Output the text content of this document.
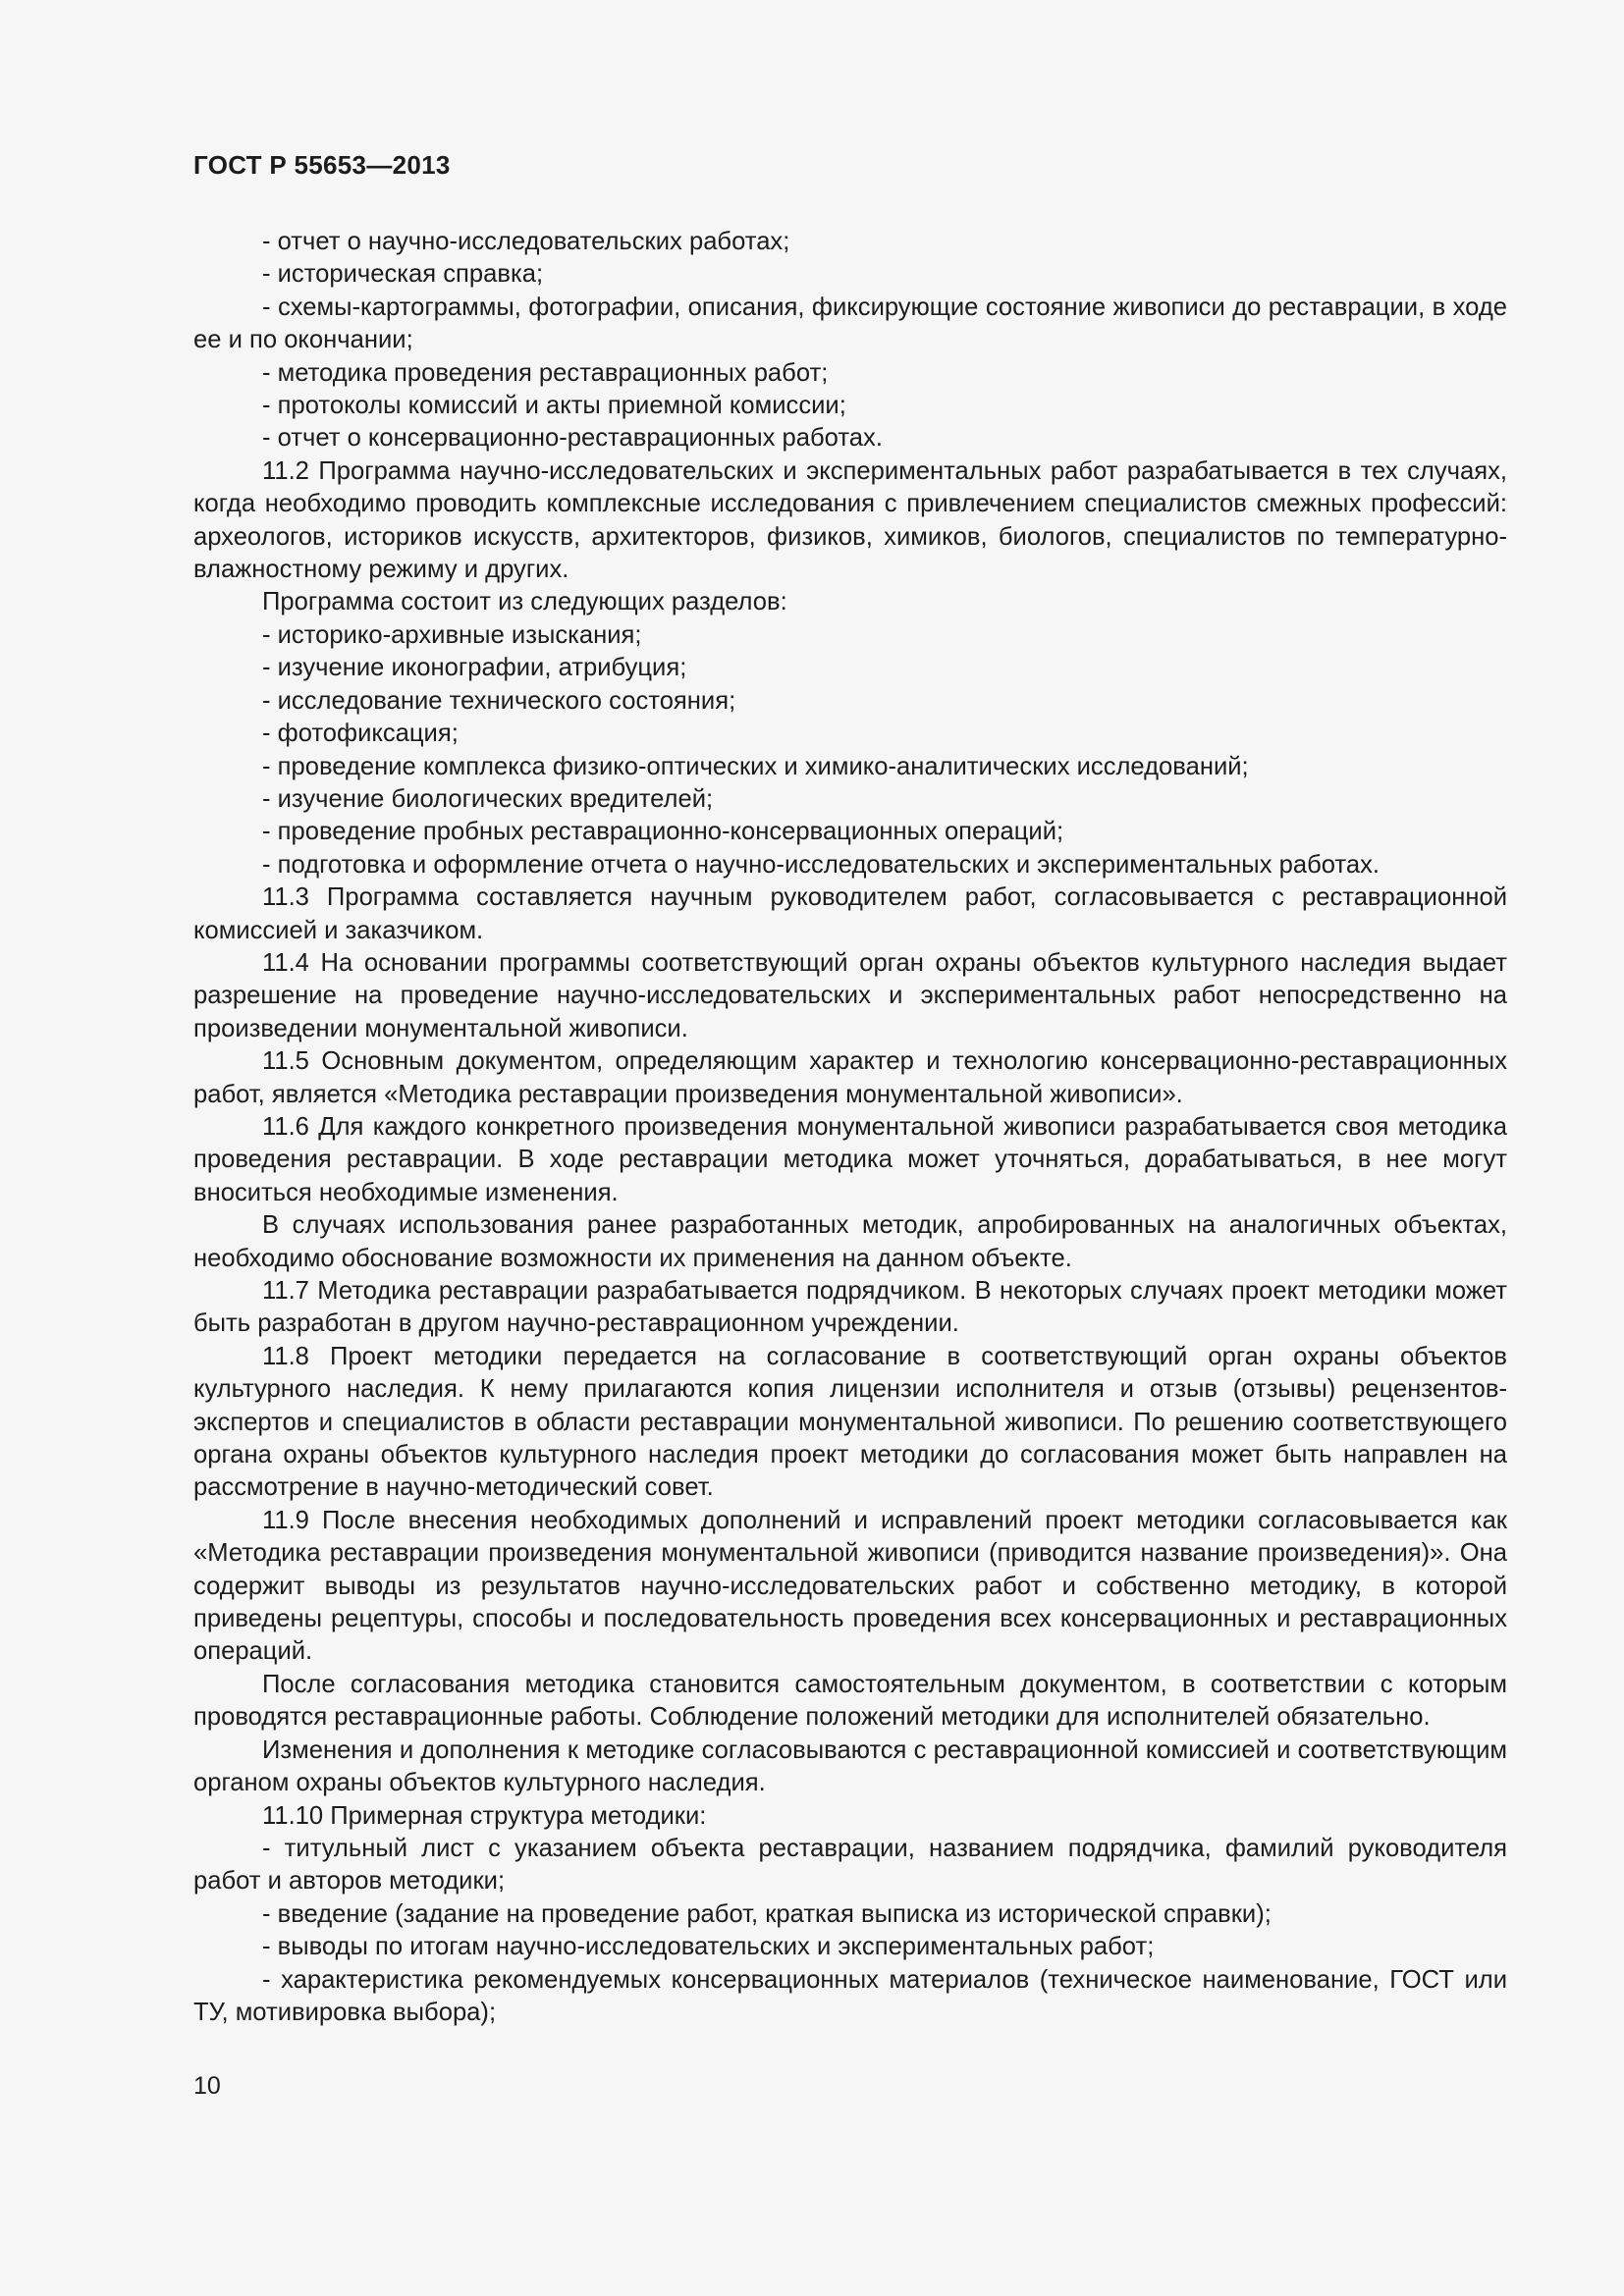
ГОСТ Р 55653—2013

- отчет о научно-исследовательских работах;

- историческая справка;

- схемы-картограммы, фотографии, описания, фиксирующие состояние живописи до реставрации, в ходе ее и по окончании;

- методика проведения реставрационных работ;

- протоколы комиссий и акты приемной комиссии;

- отчет о консервационно-реставрационных работах.

11.2 Программа научно-исследовательских и экспериментальных работ разрабатывается в тех случаях, когда необходимо проводить комплексные исследования с привлечением специалистов смежных профессий: археологов, историков искусств, архитекторов, физиков, химиков, биологов, специалистов по температурно-влажностному режиму и других.

Программа состоит из следующих разделов:

- историко-архивные изыскания;

- изучение иконографии, атрибуция;

- исследование технического состояния;

- фотофиксация;

- проведение комплекса физико-оптических и химико-аналитических исследований;

- изучение биологических вредителей;

- проведение пробных реставрационно-консервационных операций;

- подготовка и оформление отчета о научно-исследовательских и экспериментальных работах.

11.3 Программа составляется научным руководителем работ, согласовывается с реставрационной комиссией и заказчиком.

11.4 На основании программы соответствующий орган охраны объектов культурного наследия выдает разрешение на проведение научно-исследовательских и экспериментальных работ непосредственно на произведении монументальной живописи.

11.5 Основным документом, определяющим характер и технологию консервационно-реставрационных работ, является «Методика реставрации произведения монументальной живописи».

11.6 Для каждого конкретного произведения монументальной живописи разрабатывается своя методика проведения реставрации. В ходе реставрации методика может уточняться, дорабатываться, в нее могут вноситься необходимые изменения.

В случаях использования ранее разработанных методик, апробированных на аналогичных объектах, необходимо обоснование возможности их применения на данном объекте.

11.7 Методика реставрации разрабатывается подрядчиком. В некоторых случаях проект методики может быть разработан в другом научно-реставрационном учреждении.

11.8 Проект методики передается на согласование в соответствующий орган охраны объектов культурного наследия. К нему прилагаются копия лицензии исполнителя и отзыв (отзывы) рецензентов-экспертов и специалистов в области реставрации монументальной живописи. По решению соответствующего органа охраны объектов культурного наследия проект методики до согласования может быть направлен на рассмотрение в научно-методический совет.

11.9 После внесения необходимых дополнений и исправлений проект методики согласовывается как «Методика реставрации произведения монументальной живописи (приводится название произведения)». Она содержит выводы из результатов научно-исследовательских работ и собственно методику, в которой приведены рецептуры, способы и последовательность проведения всех консервационных и реставрационных операций.

После согласования методика становится самостоятельным документом, в соответствии с которым проводятся реставрационные работы. Соблюдение положений методики для исполнителей обязательно.

Изменения и дополнения к методике согласовываются с реставрационной комиссией и соответствующим органом охраны объектов культурного наследия.

11.10 Примерная структура методики:

- титульный лист с указанием объекта реставрации, названием подрядчика, фамилий руководителя работ и авторов методики;

- введение (задание на проведение работ, краткая выписка из исторической справки);

- выводы по итогам научно-исследовательских и экспериментальных работ;

- характеристика рекомендуемых консервационных материалов (техническое наименование, ГОСТ или ТУ, мотивировка выбора);

10
